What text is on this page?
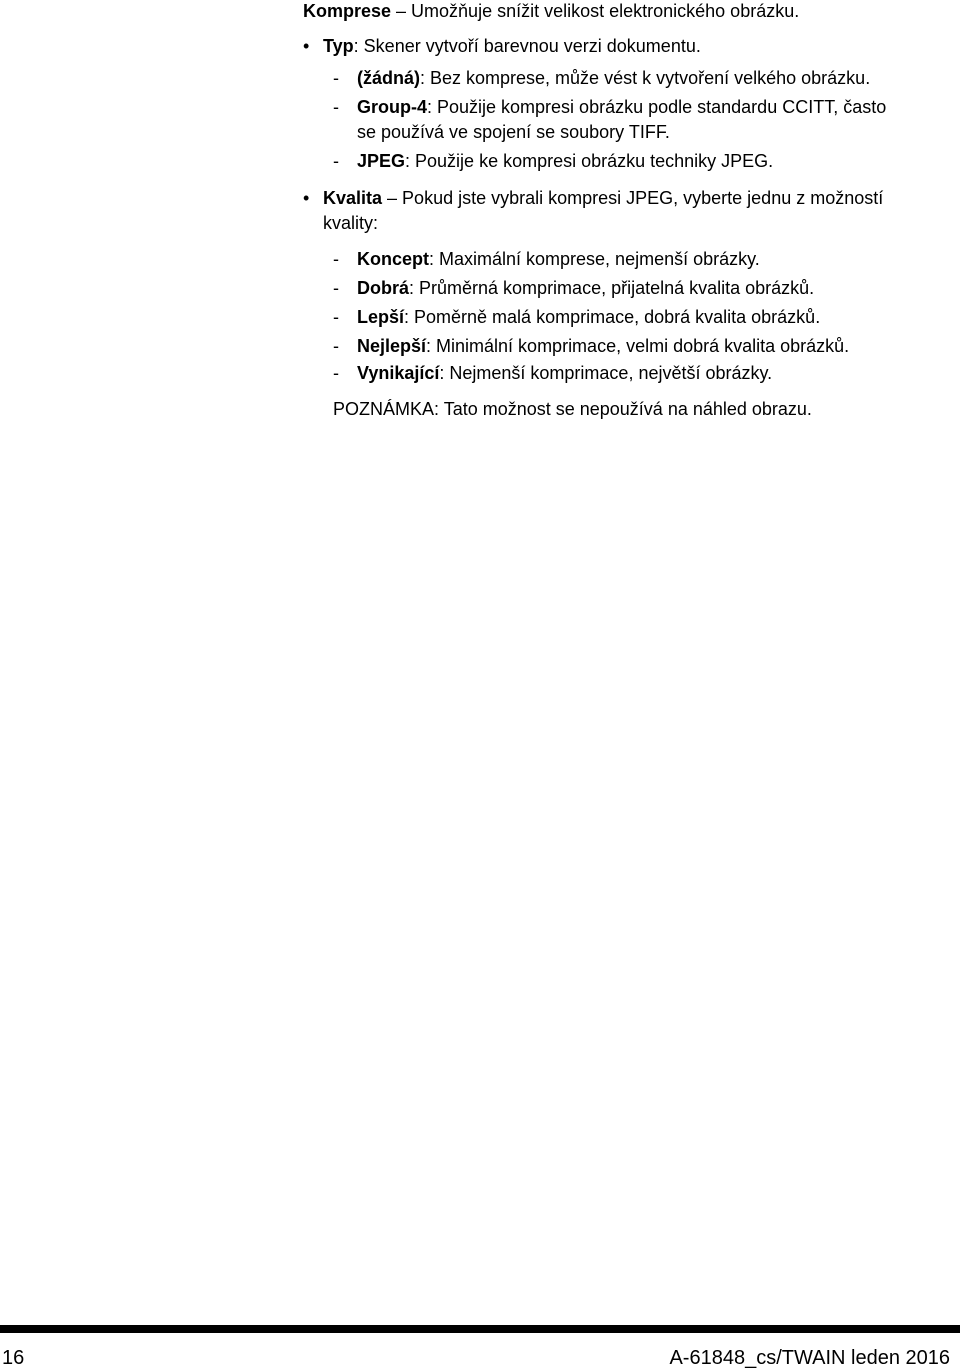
Komprese – Umožňuje snížit velikost elektronického obrázku.
• Typ: Skener vytvoří barevnou verzi dokumentu.
- (žádná): Bez komprese, může vést k vytvoření velkého obrázku.
- Group-4: Použije kompresi obrázku podle standardu CCITT, často
se používá ve spojení se soubory TIFF.
- JPEG: Použije ke kompresi obrázku techniky JPEG.
• Kvalita – Pokud jste vybrali kompresi JPEG, vyberte jednu z možností
kvality:
- Koncept: Maximální komprese, nejmenší obrázky.
- Dobrá: Průměrná komprimace, přijatelná kvalita obrázků.
- Lepší: Poměrně malá komprimace, dobrá kvalita obrázků.
- Nejlepší: Minimální komprimace, velmi dobrá kvalita obrázků.
- Vynikající: Nejmenší komprimace, největší obrázky.
POZNÁMKA: Tato možnost se nepoužívá na náhled obrazu.
16	A-61848_cs/TWAIN leden 2016
